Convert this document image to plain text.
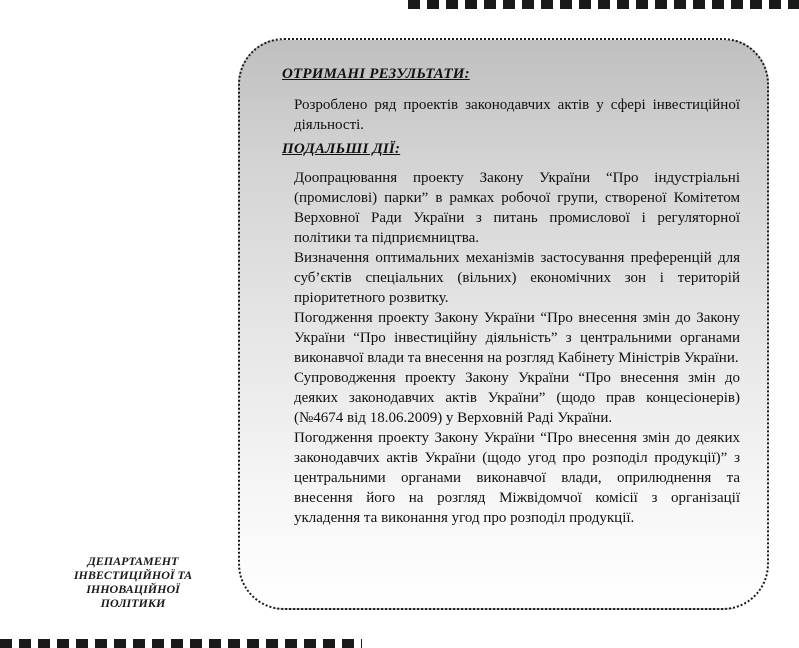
ОТРИМАНІ РЕЗУЛЬТАТИ:

Розроблено ряд проектів законодавчих актів у сфері інвестиційної діяльності.

ПОДАЛЬШІ ДІЇ:

Доопрацювання проекту Закону України “Про індустріальні (промислові) парки” в рамках робочої групи, створеної Комітетом Верховної Ради України з питань промислової і регуляторної політики та підприємництва.

Визначення оптимальних механізмів застосування преференцій для суб’єктів спеціальних (вільних) економічних зон і територій пріоритетного розвитку.

Погодження проекту Закону України “Про внесення змін до Закону України “Про інвестиційну діяльність” з центральними органами виконавчої влади та внесення на розгляд Кабінету Міністрів України.

Супроводження проекту Закону України “Про внесення змін до деяких законодавчих актів України” (щодо прав концесіонерів) (№4674 від 18.06.2009) у Верховній Раді України.

Погодження проекту Закону України “Про внесення змін до деяких законодавчих актів України (щодо угод про розподіл продукції)” з центральними органами виконавчої влади, оприлюднення та внесення його на розгляд Міжвідомчої комісії з організації укладення та виконання угод про розподіл продукції.

ДЕПАРТАМЕНТ
ІНВЕСТИЦІЙНОЇ ТА
ІННОВАЦІЙНОЇ
ПОЛІТИКИ
